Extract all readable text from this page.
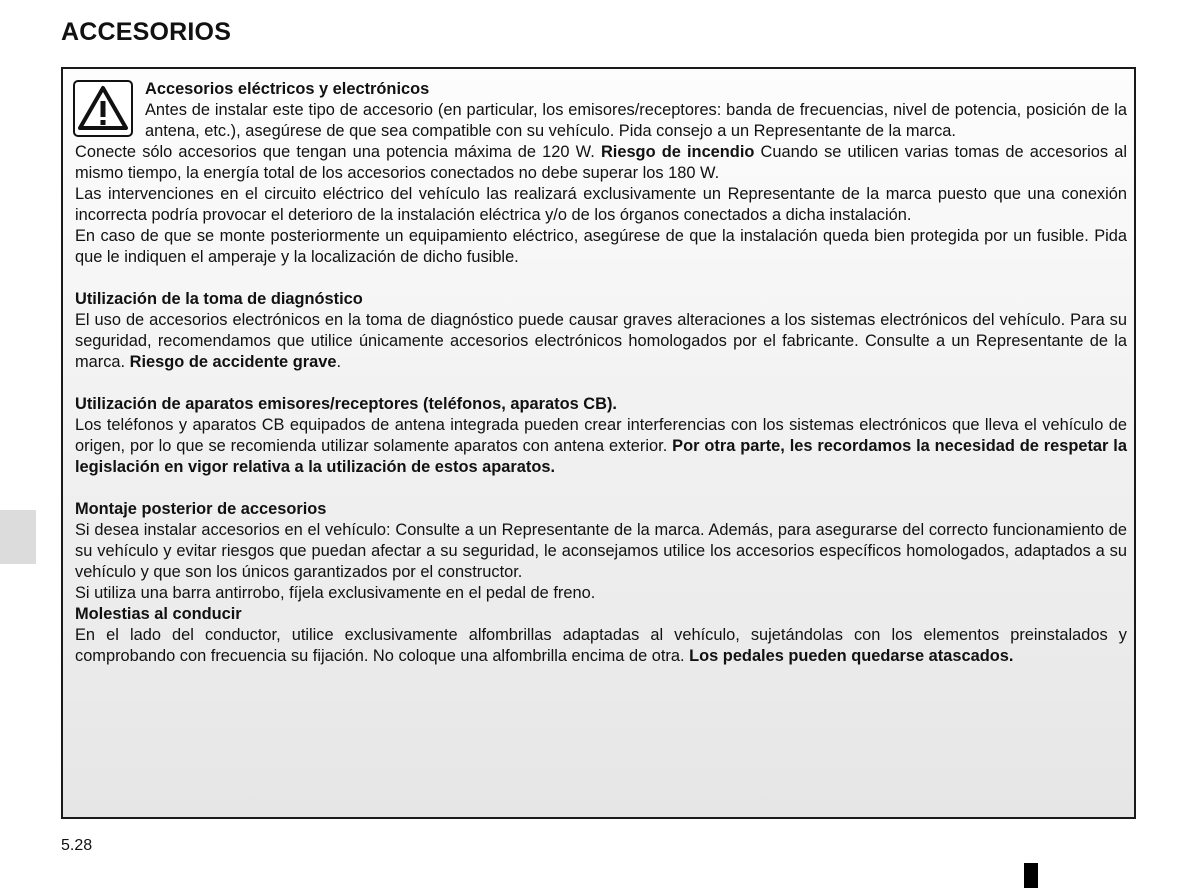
ACCESORIOS

Accesorios eléctricos y electrónicos

Antes de instalar este tipo de accesorio (en particular, los emisores/receptores: banda de frecuencias, nivel de potencia, posición de la antena, etc.), asegúrese de que sea compatible con su vehículo. Pida consejo a un Representante de la marca.

Conecte sólo accesorios que tengan una potencia máxima de 120 W. Riesgo de incendio Cuando se utilicen varias tomas de accesorios al mismo tiempo, la energía total de los accesorios conectados no debe superar los 180 W.

Las intervenciones en el circuito eléctrico del vehículo las realizará exclusivamente un Representante de la marca puesto que una conexión incorrecta podría provocar el deterioro de la instalación eléctrica y/o de los órganos conectados a dicha instalación.

En caso de que se monte posteriormente un equipamiento eléctrico, asegúrese de que la instalación queda bien protegida por un fusible. Pida que le indiquen el amperaje y la localización de dicho fusible.

Utilización de la toma de diagnóstico

El uso de accesorios electrónicos en la toma de diagnóstico puede causar graves alteraciones a los sistemas electrónicos del vehículo. Para su seguridad, recomendamos que utilice únicamente accesorios electrónicos homologados por el fabricante. Consulte a un Representante de la marca. Riesgo de accidente grave.

Utilización de aparatos emisores/receptores (teléfonos, aparatos CB).

Los teléfonos y aparatos CB equipados de antena integrada pueden crear interferencias con los sistemas electrónicos que lleva el vehículo de origen, por lo que se recomienda utilizar solamente aparatos con antena exterior. Por otra parte, les recordamos la necesidad de respetar la legislación en vigor relativa a la utilización de estos aparatos.

Montaje posterior de accesorios

Si desea instalar accesorios en el vehículo: Consulte a un Representante de la marca. Además, para asegurarse del correcto funcionamiento de su vehículo y evitar riesgos que puedan afectar a su seguridad, le aconsejamos utilice los accesorios específicos homologados, adaptados a su vehículo y que son los únicos garantizados por el constructor.

Si utiliza una barra antirrobo, fíjela exclusivamente en el pedal de freno.

Molestias al conducir

En el lado del conductor, utilice exclusivamente alfombrillas adaptadas al vehículo, sujetándolas con los elementos preinstalados y comprobando con frecuencia su fijación. No coloque una alfombrilla encima de otra. Los pedales pueden quedarse atascados.

5.28
